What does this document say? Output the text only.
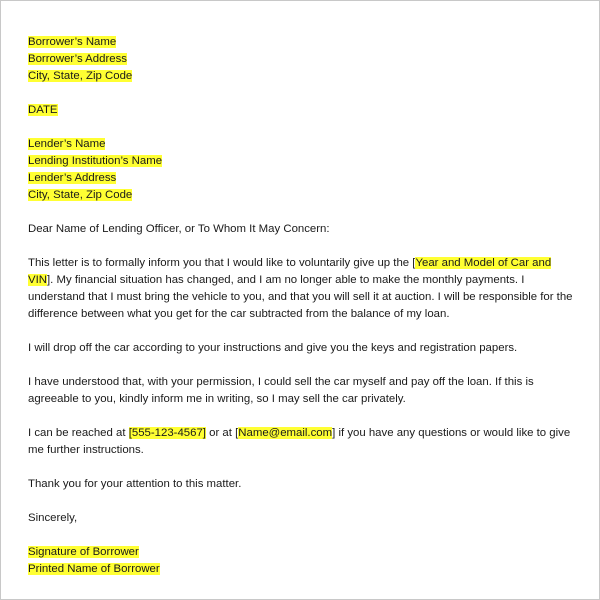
Borrower’s Name
Borrower’s Address
City, State, Zip Code
DATE
Lender’s Name
Lending Institution’s Name
Lender’s Address
City, State, Zip Code

Dear Name of Lending Officer, or To Whom It May Concern:

This letter is to formally inform you that I would like to voluntarily give up the [Year and Model of Car and VIN]. My financial situation has changed, and I am no longer able to make the monthly payments. I understand that I must bring the vehicle to you, and that you will sell it at auction. I will be responsible for the difference between what you get for the car subtracted from the balance of my loan.

I will drop off the car according to your instructions and give you the keys and registration papers.

I have understood that, with your permission, I could sell the car myself and pay off the loan. If this is agreeable to you, kindly inform me in writing, so I may sell the car privately.

I can be reached at [555-123-4567] or at [Name@email.com] if you have any questions or would like to give me further instructions.

Thank you for your attention to this matter.

Sincerely,

Signature of Borrower
Printed Name of Borrower
